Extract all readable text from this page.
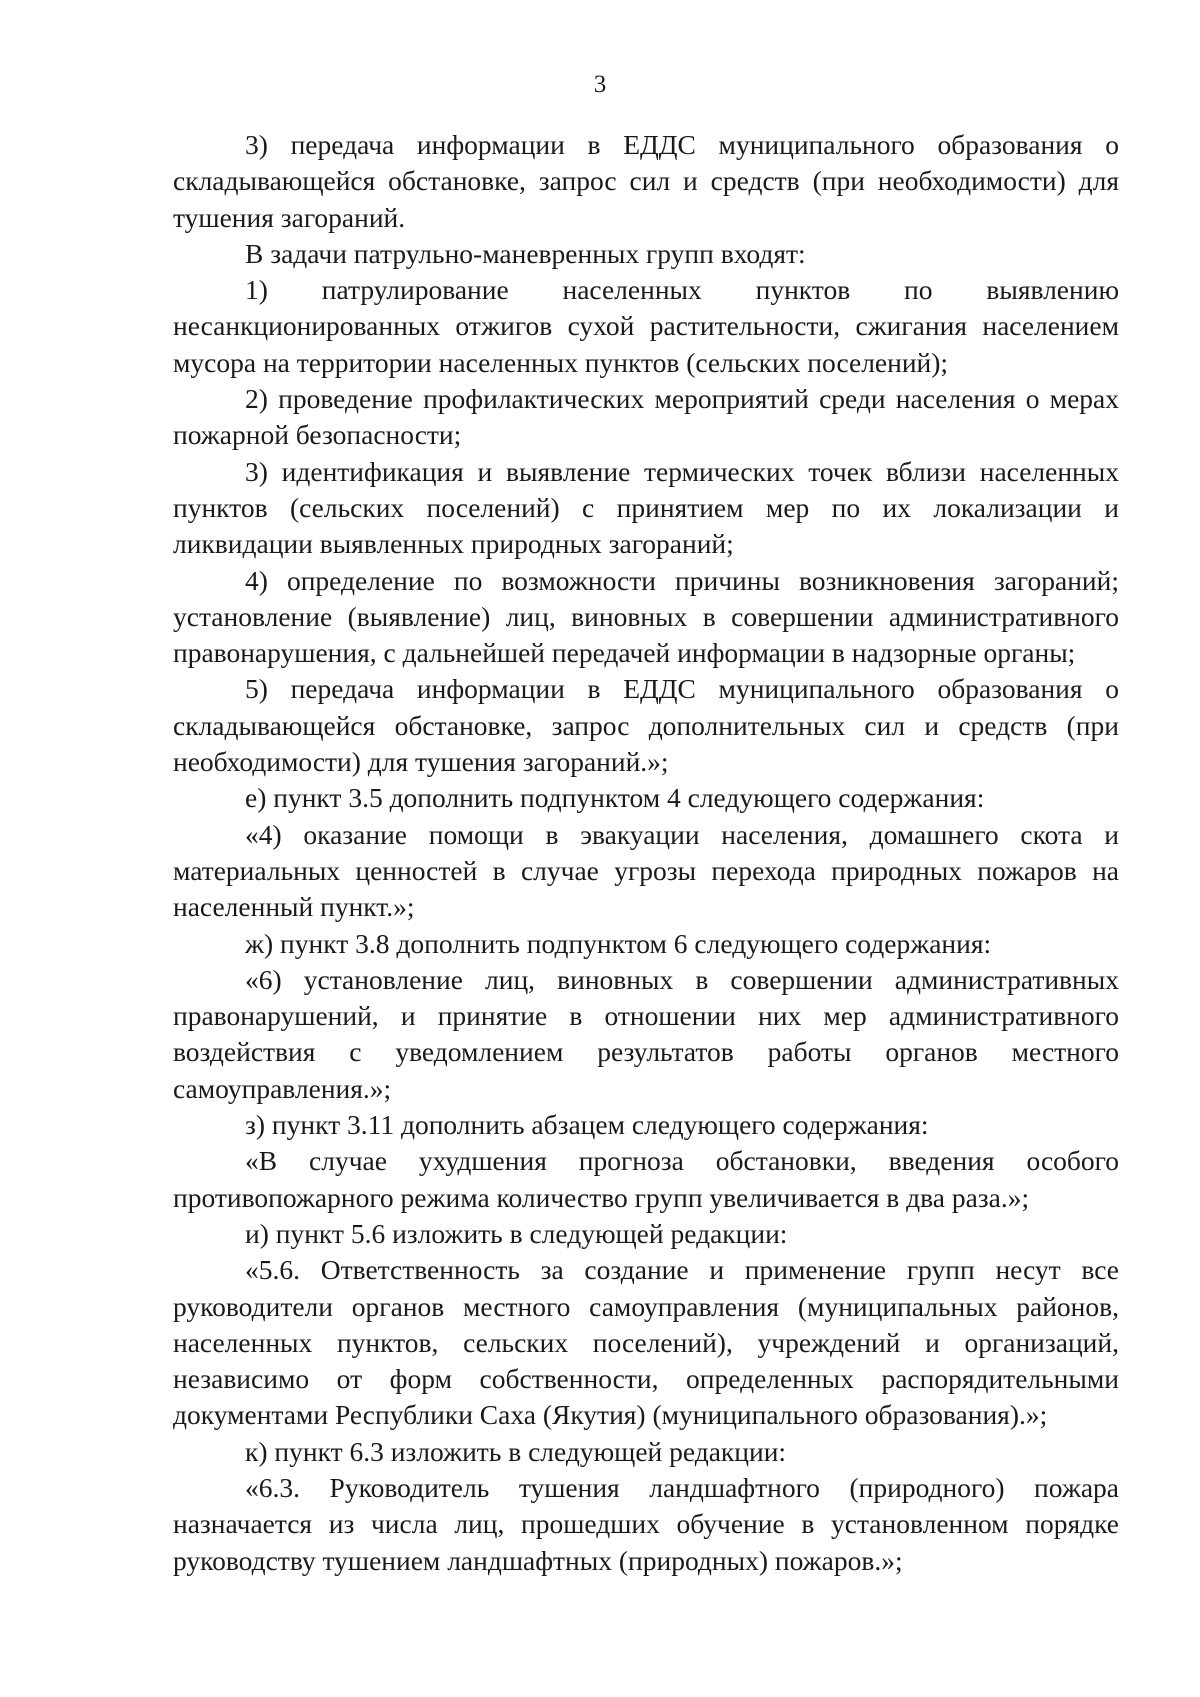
3

3) передача информации в ЕДДС муниципального образования о складывающейся обстановке, запрос сил и средств (при необходимости) для тушения загораний.

В задачи патрульно-маневренных групп входят:

1) патрулирование населенных пунктов по выявлению несанкционированных отжигов сухой растительности, сжигания населением мусора на территории населенных пунктов (сельских поселений);

2) проведение профилактических мероприятий среди населения о мерах пожарной безопасности;

3) идентификация и выявление термических точек вблизи населенных пунктов (сельских поселений) с принятием мер по их локализации и ликвидации выявленных природных загораний;

4) определение по возможности причины возникновения загораний; установление (выявление) лиц, виновных в совершении административного правонарушения, с дальнейшей передачей информации в надзорные органы;

5) передача информации в ЕДДС муниципального образования о складывающейся обстановке, запрос дополнительных сил и средств (при необходимости) для тушения загораний.»;

е) пункт 3.5 дополнить подпунктом 4 следующего содержания:

«4) оказание помощи в эвакуации населения, домашнего скота и материальных ценностей в случае угрозы перехода природных пожаров на населенный пункт.»;

ж) пункт 3.8 дополнить подпунктом 6 следующего содержания:

«6) установление лиц, виновных в совершении административных правонарушений, и принятие в отношении них мер административного воздействия с уведомлением результатов работы органов местного самоуправления.»;

з) пункт 3.11 дополнить абзацем следующего содержания:

«В случае ухудшения прогноза обстановки, введения особого противопожарного режима количество групп увеличивается в два раза.»;

и) пункт 5.6 изложить в следующей редакции:

«5.6. Ответственность за создание и применение групп несут все руководители органов местного самоуправления (муниципальных районов, населенных пунктов, сельских поселений), учреждений и организаций, независимо от форм собственности, определенных распорядительными документами Республики Саха (Якутия) (муниципального образования).»;

к) пункт 6.3 изложить в следующей редакции:

«6.3. Руководитель тушения ландшафтного (природного) пожара назначается из числа лиц, прошедших обучение в установленном порядке руководству тушением ландшафтных (природных) пожаров.»;
